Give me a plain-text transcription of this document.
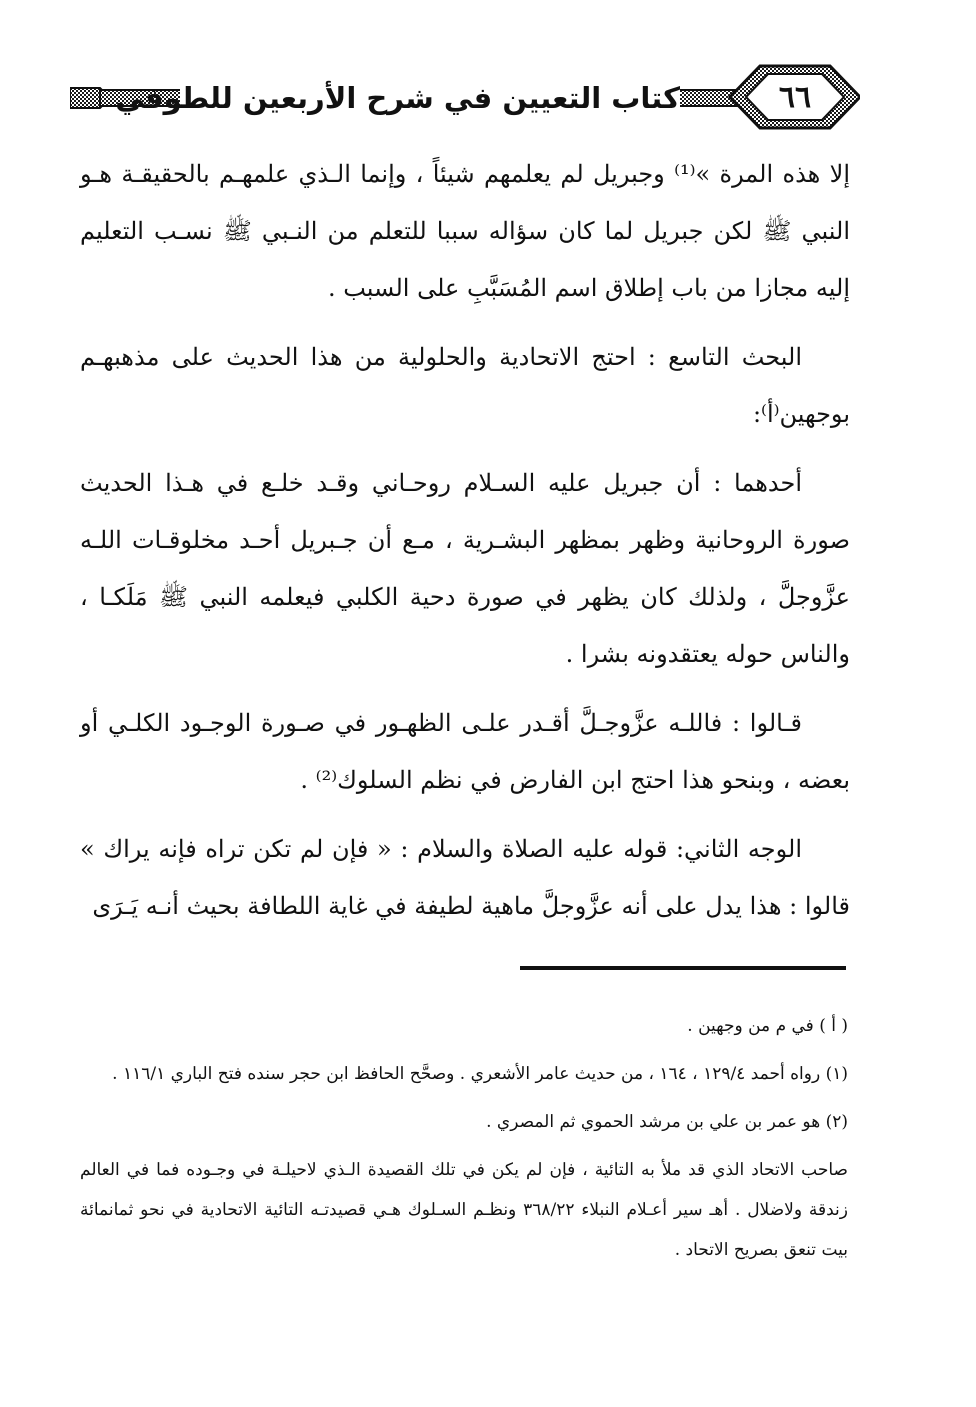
كتاب التعيين في شرح الأربعين للطوفي	٦٦

إلا هذه المرة »⁽¹⁾ وجبريل لم يعلمهم شيئاً ، وإنما الـذي علمهـم بالحقيقـة هـو النبي ﷺ لكن جبريل لما كان سؤاله سببا للتعلم من النـبي ﷺ نسـب التعليم إليه مجازا من باب إطلاق اسم المُسَبَّبِ على السبب .

البحث التاسع : احتج الاتحادية والحلولية من هذا الحديث على مذهبهـم بوجهين⁽أ⁾:

أحدهما : أن جبريل عليه السـلام روحـاني وقـد خلـع في هـذا الحديث صورة الروحانية وظهر بمظهر البشـرية ، مـع أن جـبريل أحـد مخلوقـات اللـه عزَّوجلَّ ، ولذلك كان يظهر في صورة دحية الكلبي فيعلمه النبي ﷺ مَلَكـا ، والناس حوله يعتقدونه بشرا .

قـالوا : فاللـه عزَّوجـلَّ أقـدر علـى الظهـور في صـورة الوجـود الكلـي أو بعضه ، وبنحو هذا احتج ابن الفارض في نظم السلوك⁽²⁾ .

الوجه الثاني: قوله عليه الصلاة والسلام : « فإن لم تكن تراه فإنه يراك » قالوا : هذا يدل على أنه عزَّوجلَّ ماهية لطيفة في غاية اللطافة بحيث أنـه يَـرَى

( أ ) في م من وجهين .

(١) رواه أحمد ١٢٩/٤ ، ١٦٤ ، من حديث عامر الأشعري . وصحَّح الحافظ ابن حجر سنده فتح الباري ١١٦/١ .

(٢) هو عمر بن علي بن مرشد الحموي ثم المصري .

صاحب الاتحاد الذي قد ملأ به التائية ، فإن لم يكن في تلك القصيدة الـذي لاحيلـة في وجـوده فما في العالم زندقة ولاضلال . أهـ سير أعـلام النبلاء ٣٦٨/٢٢ ونظـم السـلوك هـي قصيدتـه التائية الاتحادية في نحو ثمانمائة بيت تنعق بصريح الاتحاد .
